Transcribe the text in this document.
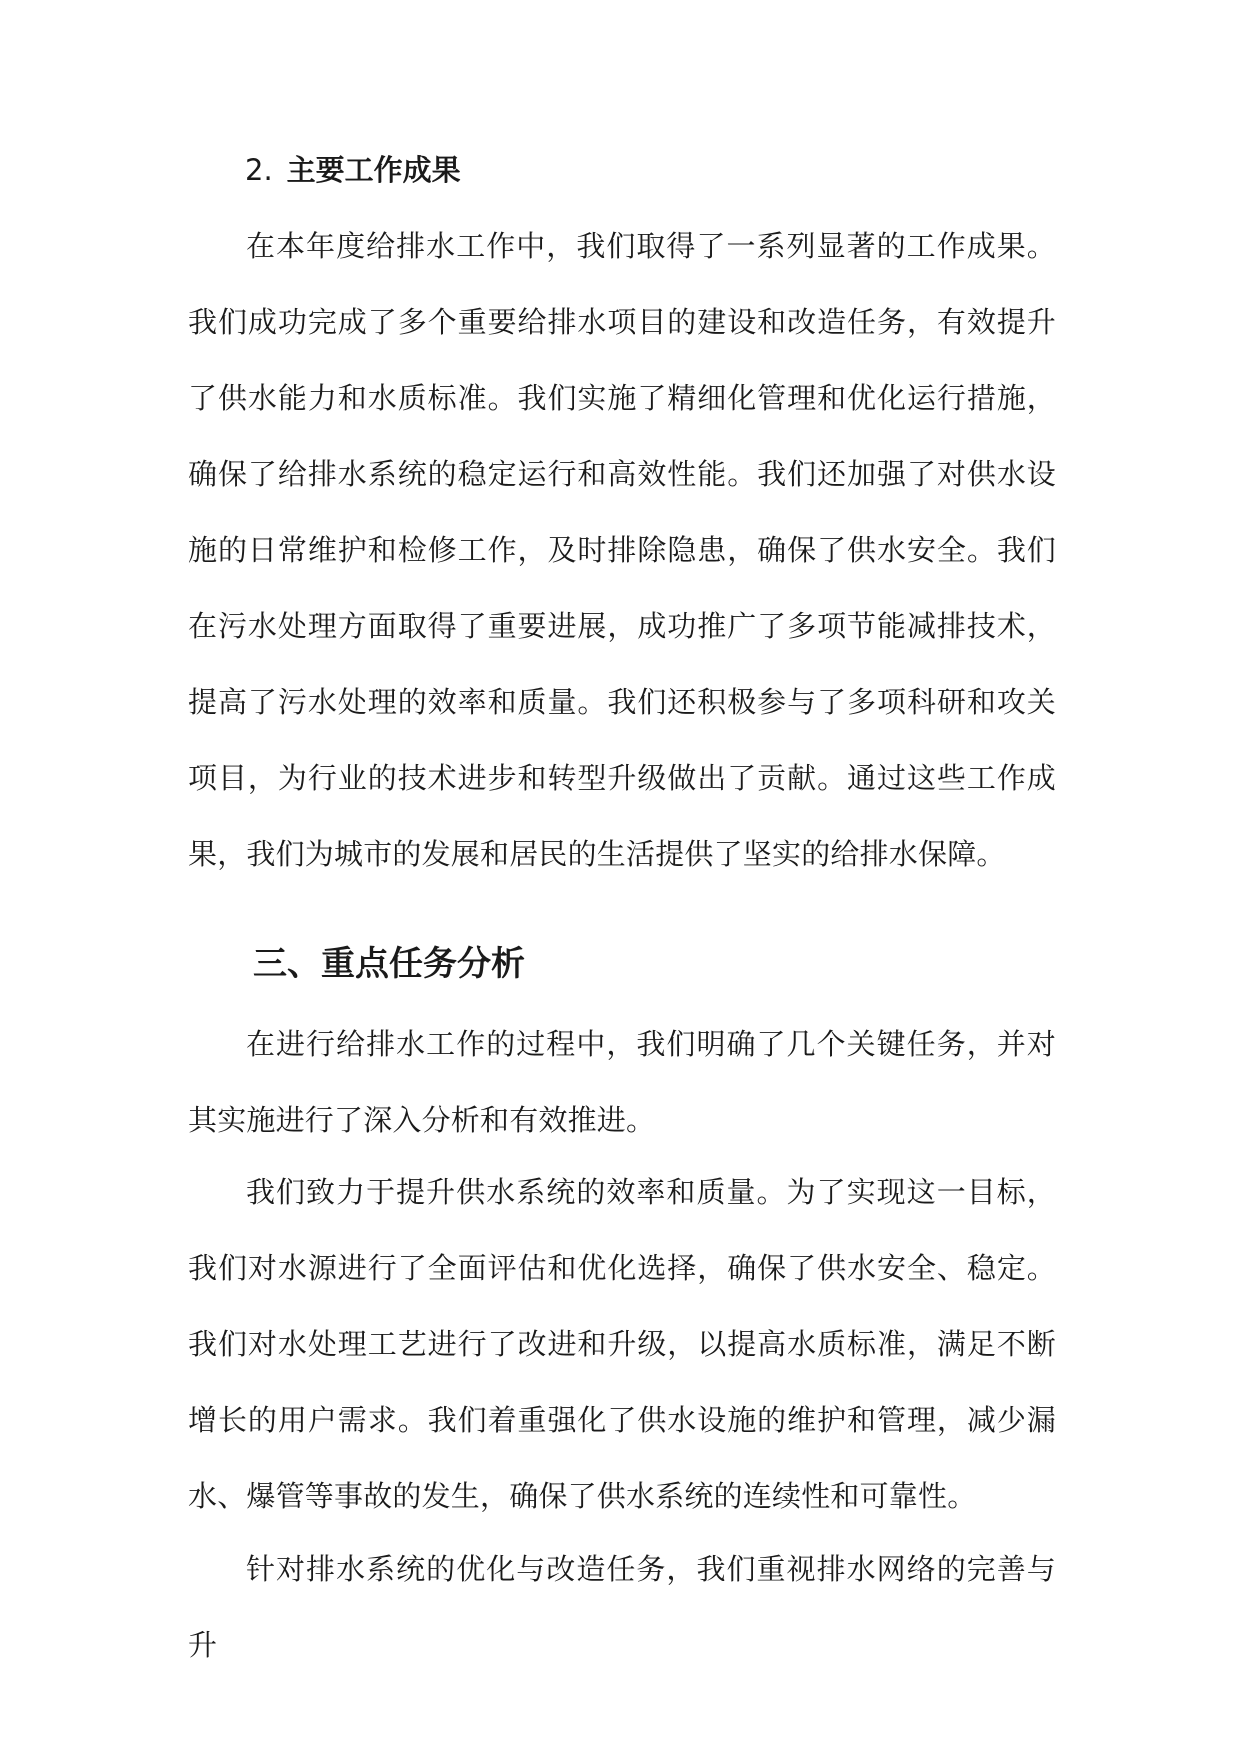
2. 主要工作成果

在本年度给排水工作中，我们取得了一系列显著的工作成果。我们成功完成了多个重要给排水项目的建设和改造任务，有效提升了供水能力和水质标准。我们实施了精细化管理和优化运行措施，确保了给排水系统的稳定运行和高效性能。我们还加强了对供水设施的日常维护和检修工作，及时排除隐患，确保了供水安全。我们在污水处理方面取得了重要进展，成功推广了多项节能减排技术，提高了污水处理的效率和质量。我们还积极参与了多项科研和攻关项目，为行业的技术进步和转型升级做出了贡献。通过这些工作成果，我们为城市的发展和居民的生活提供了坚实的给排水保障。

三、重点任务分析

在进行给排水工作的过程中，我们明确了几个关键任务，并对其实施进行了深入分析和有效推进。

我们致力于提升供水系统的效率和质量。为了实现这一目标，我们对水源进行了全面评估和优化选择，确保了供水安全、稳定。我们对水处理工艺进行了改进和升级，以提高水质标准，满足不断增长的用户需求。我们着重强化了供水设施的维护和管理，减少漏水、爆管等事故的发生，确保了供水系统的连续性和可靠性。

针对排水系统的优化与改造任务，我们重视排水网络的完善与升
